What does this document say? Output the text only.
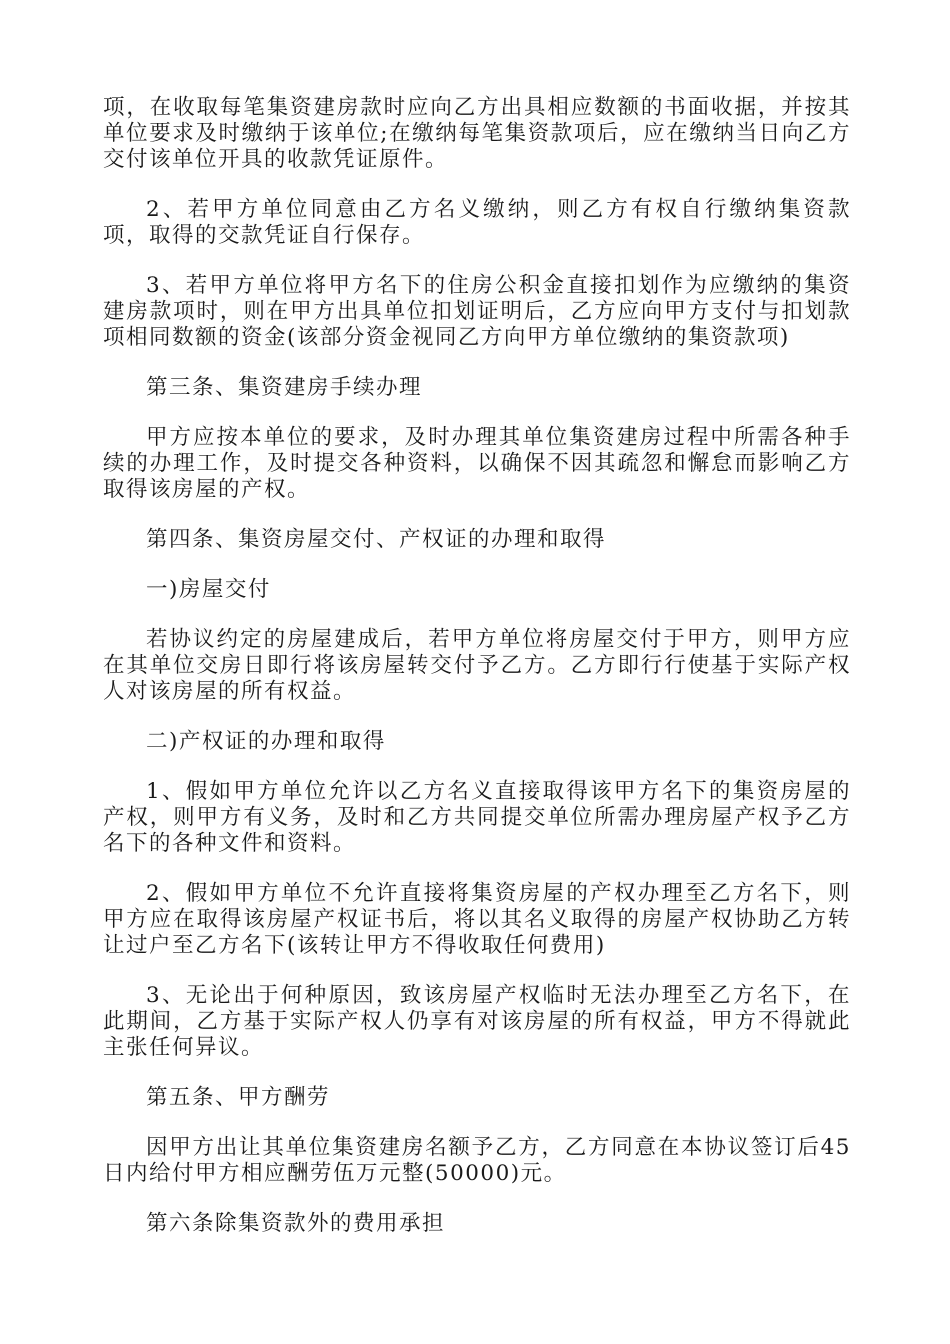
项，在收取每笔集资建房款时应向乙方出具相应数额的书面收据，并按其单位要求及时缴纳于该单位;在缴纳每笔集资款项后，应在缴纳当日向乙方交付该单位开具的收款凭证原件。

2、若甲方单位同意由乙方名义缴纳，则乙方有权自行缴纳集资款项，取得的交款凭证自行保存。

3、若甲方单位将甲方名下的住房公积金直接扣划作为应缴纳的集资建房款项时，则在甲方出具单位扣划证明后，乙方应向甲方支付与扣划款项相同数额的资金(该部分资金视同乙方向甲方单位缴纳的集资款项)

第三条、集资建房手续办理

甲方应按本单位的要求，及时办理其单位集资建房过程中所需各种手续的办理工作，及时提交各种资料，以确保不因其疏忽和懈怠而影响乙方取得该房屋的产权。

第四条、集资房屋交付、产权证的办理和取得

一)房屋交付

若协议约定的房屋建成后，若甲方单位将房屋交付于甲方，则甲方应在其单位交房日即行将该房屋转交付予乙方。乙方即行行使基于实际产权人对该房屋的所有权益。

二)产权证的办理和取得

1、假如甲方单位允许以乙方名义直接取得该甲方名下的集资房屋的产权，则甲方有义务，及时和乙方共同提交单位所需办理房屋产权予乙方名下的各种文件和资料。

2、假如甲方单位不允许直接将集资房屋的产权办理至乙方名下，则甲方应在取得该房屋产权证书后，将以其名义取得的房屋产权协助乙方转让过户至乙方名下(该转让甲方不得收取任何费用)

3、无论出于何种原因，致该房屋产权临时无法办理至乙方名下，在此期间，乙方基于实际产权人仍享有对该房屋的所有权益，甲方不得就此主张任何异议。

第五条、甲方酬劳

因甲方出让其单位集资建房名额予乙方，乙方同意在本协议签订后45 日内给付甲方相应酬劳伍万元整(50000)元。

第六条除集资款外的费用承担
